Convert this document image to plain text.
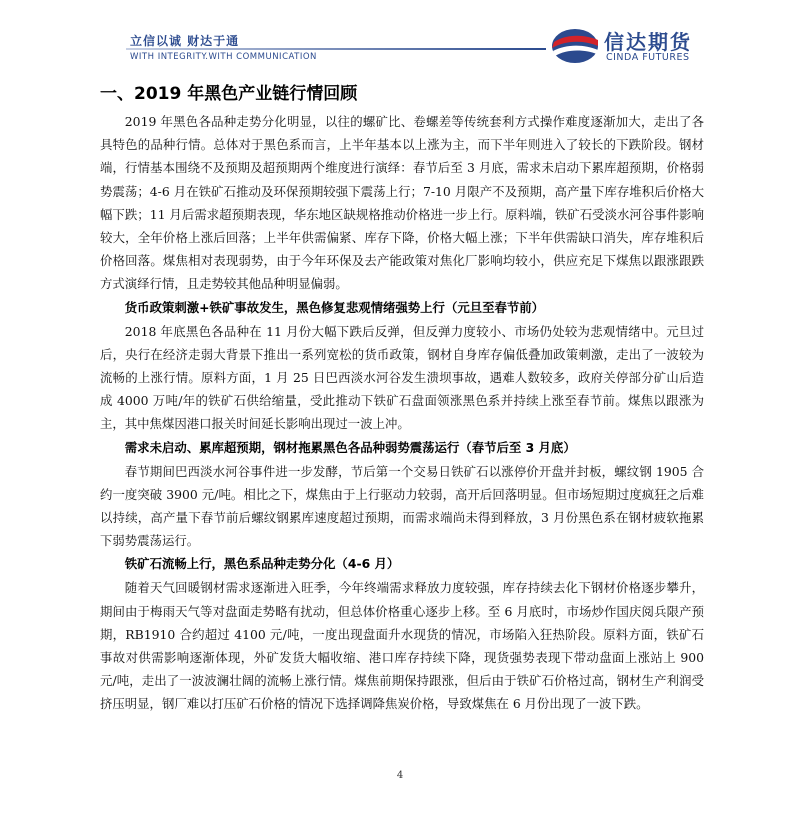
立信以诚 财达于通
WITH INTEGRITY.WITH COMMUNICATION
信达期货
CINDA FUTURES
一、2019 年黑色产业链行情回顾

2019 年黑色各品种走势分化明显，以往的螺矿比、卷螺差等传统套利方式操作难度逐渐加大，走出了各具特色的品种行情。总体对于黑色系而言，上半年基本以上涨为主，而下半年则进入了较长的下跌阶段。钢材端，行情基本围绕不及预期及超预期两个维度进行演绎：春节后至 3 月底，需求未启动下累库超预期，价格弱势震荡；4-6 月在铁矿石推动及环保预期较强下震荡上行；7-10 月限产不及预期，高产量下库存堆积后价格大幅下跌；11 月后需求超预期表现，华东地区缺规格推动价格进一步上行。原料端，铁矿石受淡水河谷事件影响较大，全年价格上涨后回落；上半年供需偏紧、库存下降，价格大幅上涨；下半年供需缺口消失，库存堆积后价格回落。煤焦相对表现弱势，由于今年环保及去产能政策对焦化厂影响均较小，供应充足下煤焦以跟涨跟跌方式演绎行情，且走势较其他品种明显偏弱。

货币政策刺激+铁矿事故发生，黑色修复悲观情绪强势上行（元旦至春节前）

2018 年底黑色各品种在 11 月份大幅下跌后反弹，但反弹力度较小、市场仍处较为悲观情绪中。元旦过后，央行在经济走弱大背景下推出一系列宽松的货币政策，钢材自身库存偏低叠加政策刺激，走出了一波较为流畅的上涨行情。原料方面，1 月 25 日巴西淡水河谷发生溃坝事故，遇难人数较多，政府关停部分矿山后造成 4000 万吨/年的铁矿石供给缩量，受此推动下铁矿石盘面领涨黑色系并持续上涨至春节前。煤焦以跟涨为主，其中焦煤因港口报关时间延长影响出现过一波上冲。

需求未启动、累库超预期，钢材拖累黑色各品种弱势震荡运行（春节后至 3 月底）

春节期间巴西淡水河谷事件进一步发酵，节后第一个交易日铁矿石以涨停价开盘并封板，螺纹钢 1905 合约一度突破 3900 元/吨。相比之下，煤焦由于上行驱动力较弱，高开后回落明显。但市场短期过度疯狂之后难以持续，高产量下春节前后螺纹钢累库速度超过预期，而需求端尚未得到释放，3 月份黑色系在钢材疲软拖累下弱势震荡运行。

铁矿石流畅上行，黑色系品种走势分化（4-6 月）

随着天气回暖钢材需求逐渐进入旺季，今年终端需求释放力度较强，库存持续去化下钢材价格逐步攀升，期间由于梅雨天气等对盘面走势略有扰动，但总体价格重心逐步上移。至 6 月底时，市场炒作国庆阅兵限产预期，RB1910 合约超过 4100 元/吨，一度出现盘面升水现货的情况，市场陷入狂热阶段。原料方面，铁矿石事故对供需影响逐渐体现，外矿发货大幅收缩、港口库存持续下降，现货强势表现下带动盘面上涨站上 900 元/吨，走出了一波波澜壮阔的流畅上涨行情。煤焦前期保持跟涨，但后由于铁矿石价格过高，钢材生产利润受挤压明显，钢厂难以打压矿石价格的情况下选择调降焦炭价格，导致煤焦在 6 月份出现了一波下跌。

4
